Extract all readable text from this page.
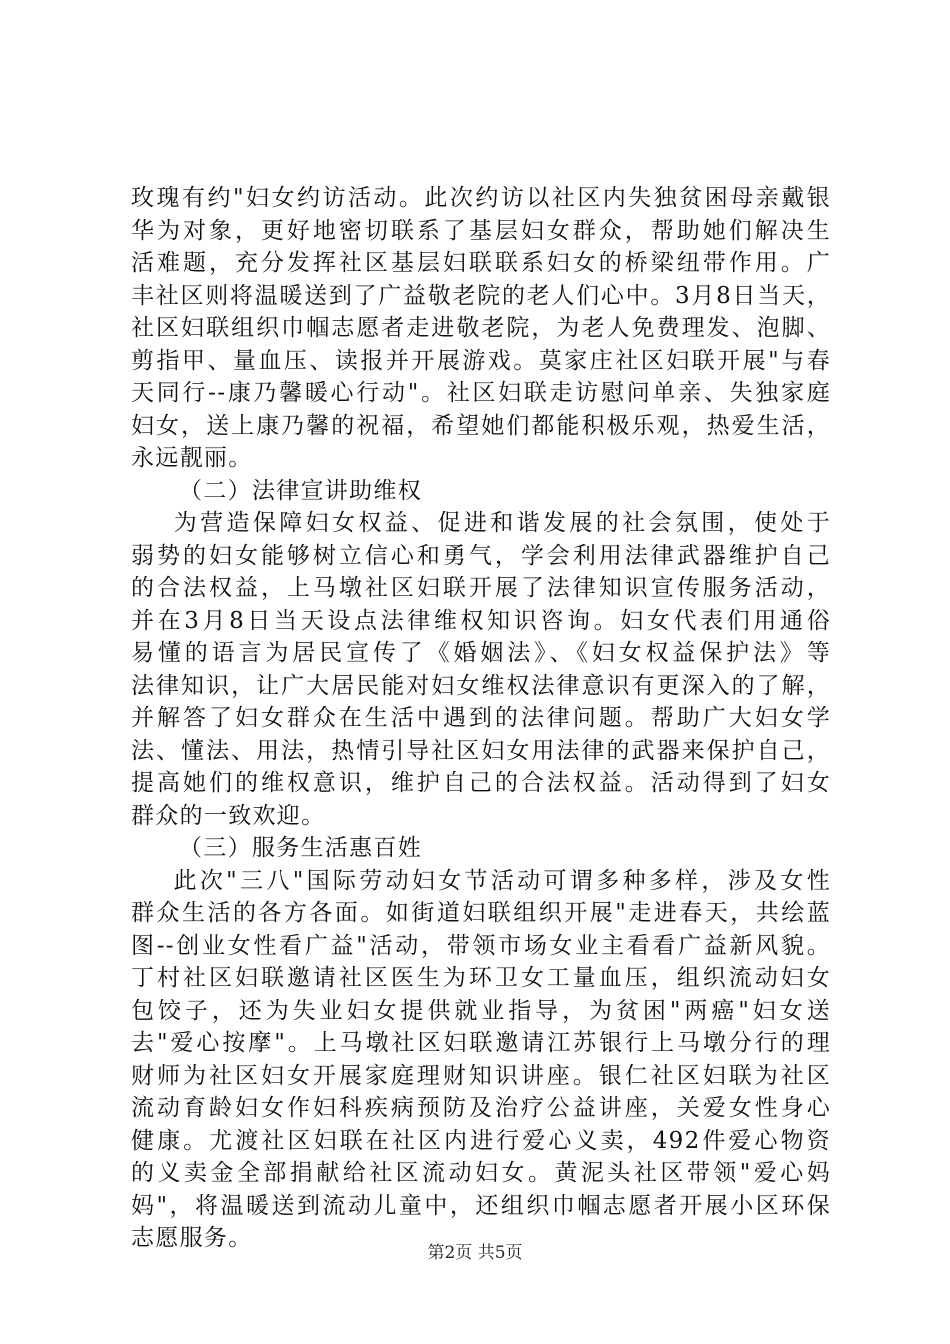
玫瑰有约"妇女约访活动。此次约访以社区内失独贫困母亲戴银
华为对象，更好地密切联系了基层妇女群众，帮助她们解决生
活难题，充分发挥社区基层妇联联系妇女的桥梁纽带作用。广
丰社区则将温暖送到了广益敬老院的老人们心中。3月8日当天，
社区妇联组织巾帼志愿者走进敬老院，为老人免费理发、泡脚、
剪指甲、量血压、读报并开展游戏。莫家庄社区妇联开展"与春
天同行--康乃馨暖心行动"。社区妇联走访慰问单亲、失独家庭
妇女，送上康乃馨的祝福，希望她们都能积极乐观，热爱生活，
永远靓丽。
（二）法律宣讲助维权
为营造保障妇女权益、促进和谐发展的社会氛围，使处于
弱势的妇女能够树立信心和勇气，学会利用法律武器维护自己
的合法权益，上马墩社区妇联开展了法律知识宣传服务活动，
并在3月8日当天设点法律维权知识咨询。妇女代表们用通俗
易懂的语言为居民宣传了《婚姻法》、《妇女权益保护法》等
法律知识，让广大居民能对妇女维权法律意识有更深入的了解，
并解答了妇女群众在生活中遇到的法律问题。帮助广大妇女学
法、懂法、用法，热情引导社区妇女用法律的武器来保护自己，
提高她们的维权意识，维护自己的合法权益。活动得到了妇女
群众的一致欢迎。
（三）服务生活惠百姓
此次"三八"国际劳动妇女节活动可谓多种多样，涉及女性
群众生活的各方各面。如街道妇联组织开展"走进春天，共绘蓝
图--创业女性看广益"活动，带领市场女业主看看广益新风貌。
丁村社区妇联邀请社区医生为环卫女工量血压，组织流动妇女
包饺子，还为失业妇女提供就业指导，为贫困"两癌"妇女送
去"爱心按摩"。上马墩社区妇联邀请江苏银行上马墩分行的理
财师为社区妇女开展家庭理财知识讲座。银仁社区妇联为社区
流动育龄妇女作妇科疾病预防及治疗公益讲座，关爱女性身心
健康。尤渡社区妇联在社区内进行爱心义卖，492件爱心物资
的义卖金全部捐献给社区流动妇女。黄泥头社区带领"爱心妈
妈"，将温暖送到流动儿童中，还组织巾帼志愿者开展小区环保
志愿服务。
第2页 共5页
